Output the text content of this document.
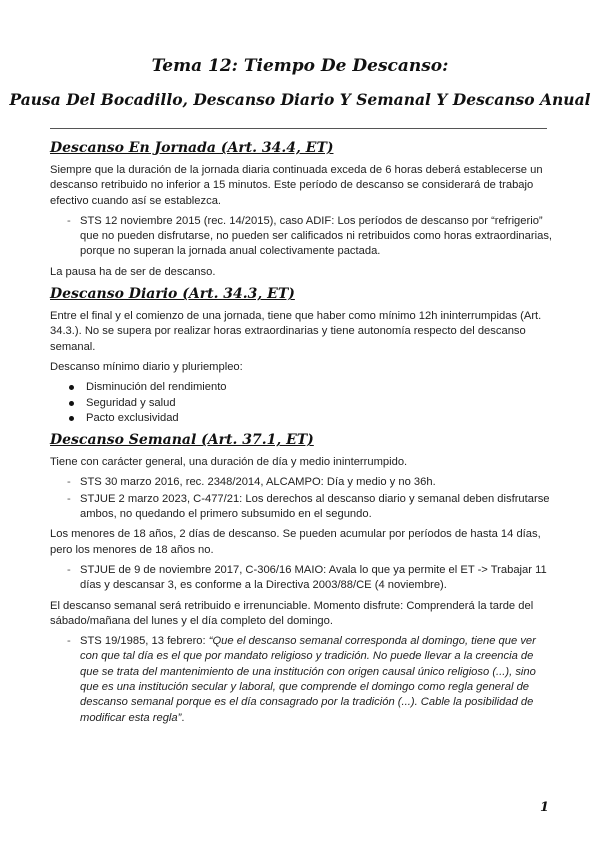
Tema 12: Tiempo De Descanso:
Pausa Del Bocadillo, Descanso Diario Y Semanal Y Descanso Anual
Descanso En Jornada (Art. 34.4, ET)

Siempre que la duración de la jornada diaria continuada exceda de 6 horas deberá establecerse un descanso retribuido no inferior a 15 minutos. Este período de descanso se considerará de trabajo efectivo cuando así se establezca.

- STS 12 noviembre 2015 (rec. 14/2015), caso ADIF: Los períodos de descanso por “refrigerio” que no pueden disfrutarse, no pueden ser calificados ni retribuidos como horas extraordinarias, porque no superan la jornada anual colectivamente pactada.

La pausa ha de ser de descanso.

Descanso Diario (Art. 34.3, ET)

Entre el final y el comienzo de una jornada, tiene que haber como mínimo 12h ininterrumpidas (Art. 34.3.). No se supera por realizar horas extraordinarias y tiene autonomía respecto del descanso semanal.

Descanso mínimo diario y pluriempleo:

Disminución del rendimiento
Seguridad y salud
Pacto exclusividad
Descanso Semanal (Art. 37.1, ET)

Tiene con carácter general, una duración de día y medio ininterrumpido.

- STS 30 marzo 2016, rec. 2348/2014, ALCAMPO: Día y medio y no 36h.
- STJUE 2 marzo 2023, C-477/21: Los derechos al descanso diario y semanal deben disfrutarse ambos, no quedando el primero subsumido en el segundo.

Los menores de 18 años, 2 días de descanso. Se pueden acumular por períodos de hasta 14 días, pero los menores de 18 años no.

- STJUE de 9 de noviembre 2017, C-306/16 MAIO: Avala lo que ya permite el ET -> Trabajar 11 días y descansar 3, es conforme a la Directiva 2003/88/CE (4 noviembre).

El descanso semanal será retribuido e irrenunciable. Momento disfrute: Comprenderá la tarde del sábado/mañana del lunes y el día completo del domingo.

- STS 19/1985, 13 febrero: “Que el descanso semanal corresponda al domingo, tiene que ver con que tal día es el que por mandato religioso y tradición. No puede llevar a la creencia de que se trata del mantenimiento de una institución con origen causal único religioso (...), sino que es una institución secular y laboral, que comprende el domingo como regla general de descanso semanal porque es el día consagrado por la tradición (...). Cable la posibilidad de modificar esta regla”.
1
